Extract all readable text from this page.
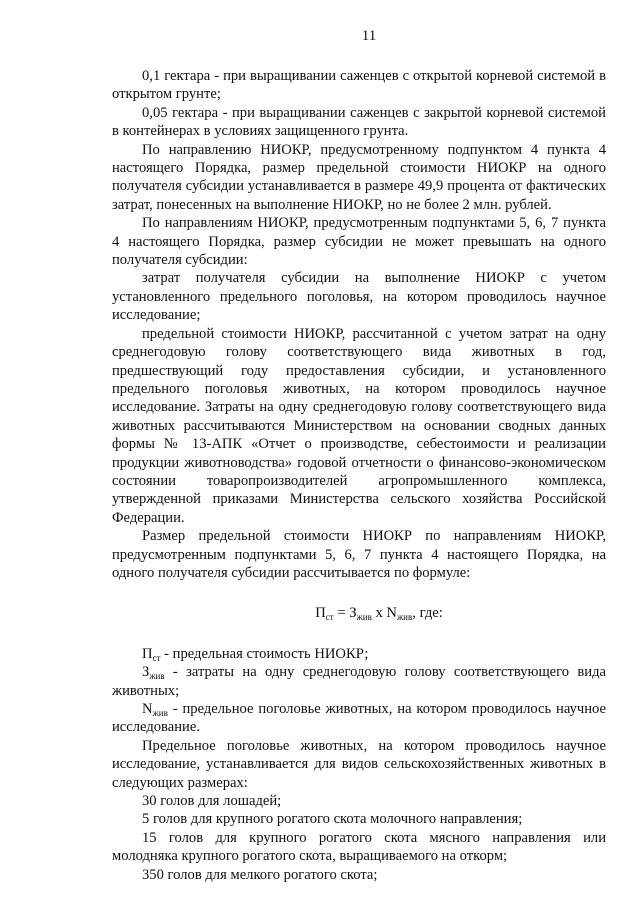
11

0,1 гектара - при выращивании саженцев с открытой корневой системой в открытом грунте;

0,05 гектара - при выращивании саженцев с закрытой корневой системой в контейнерах в условиях защищенного грунта.

По направлению НИОКР, предусмотренному подпунктом 4 пункта 4 настоящего Порядка, размер предельной стоимости НИОКР на одного получателя субсидии устанавливается в размере 49,9 процента от фактических затрат, понесенных на выполнение НИОКР, но не более 2 млн. рублей.

По направлениям НИОКР, предусмотренным подпунктами 5, 6, 7 пункта 4 настоящего Порядка, размер субсидии не может превышать на одного получателя субсидии:

затрат получателя субсидии на выполнение НИОКР с учетом установленного предельного поголовья, на котором проводилось научное исследование;

предельной стоимости НИОКР, рассчитанной с учетом затрат на одну среднегодовую голову соответствующего вида животных в год, предшествующий году предоставления субсидии, и установленного предельного поголовья животных, на котором проводилось научное исследование. Затраты на одну среднегодовую голову соответствующего вида животных рассчитываются Министерством на основании сводных данных формы № 13-АПК «Отчет о производстве, себестоимости и реализации продукции животноводства» годовой отчетности о финансово-экономическом состоянии товаропроизводителей агропромышленного комплекса, утвержденной приказами Министерства сельского хозяйства Российской Федерации.

Размер предельной стоимости НИОКР по направлениям НИОКР, предусмотренным подпунктами 5, 6, 7 пункта 4 настоящего Порядка, на одного получателя субсидии рассчитывается по формуле:

$П_{ст} = З_{жив}$ х $N_{жив}$, где:

$П_{ст}$ - предельная стоимость НИОКР;

$З_{жив}$ - затраты на одну среднегодовую голову соответствующего вида животных;

$N_{жив}$ - предельное поголовье животных, на котором проводилось научное исследование.

Предельное поголовье животных, на котором проводилось научное исследование, устанавливается для видов сельскохозяйственных животных в следующих размерах:

30 голов для лошадей;

5 голов для крупного рогатого скота молочного направления;

15 голов для крупного рогатого скота мясного направления или молодняка крупного рогатого скота, выращиваемого на откорм;

350 голов для мелкого рогатого скота;
